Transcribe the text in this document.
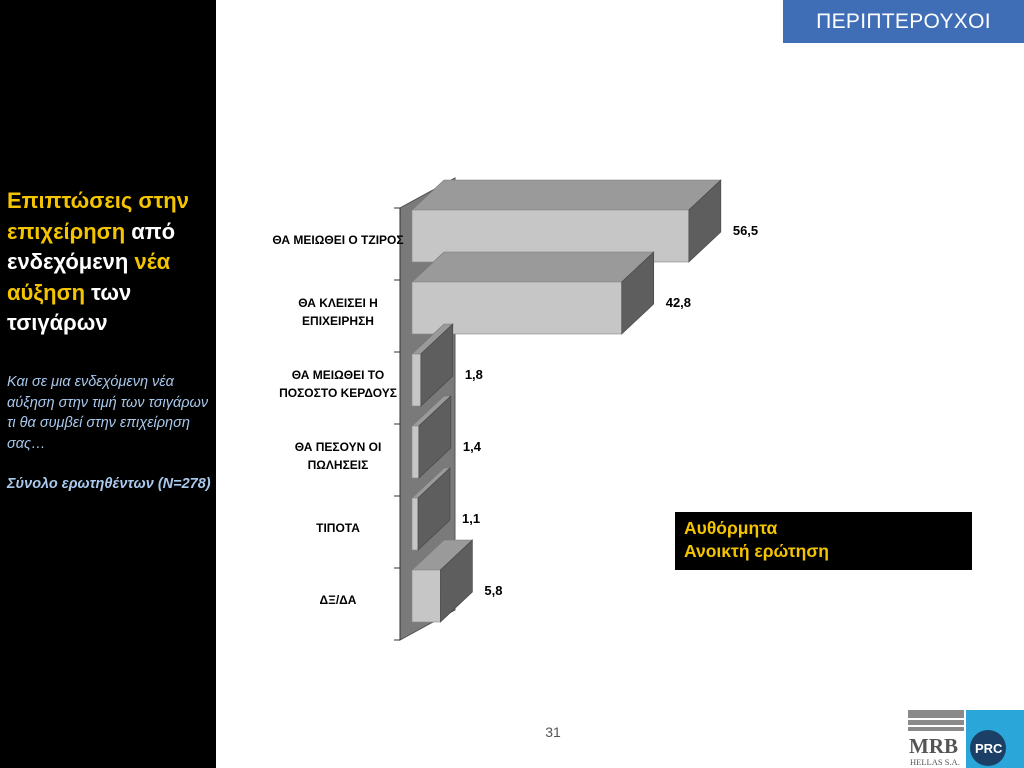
Επιπτώσεις στην επιχείρηση από ενδεχόμενη νέα αύξηση των τσιγάρων
Και σε μια ενδεχόμενη νέα αύξηση στην τιμή των τσιγάρων τι θα συμβεί στην επιχείρηση σας…
Σύνολο ερωτηθέντων (Ν=278)
ΠΕΡΙΠΤΕΡΟΥΧΟΙ
56,5
ΘΑ ΜΕΙΩΘΕΙ Ο ΤΖΙΡΟΣ
42,8
ΘΑ ΚΛΕΙΣΕΙ Η
ΕΠΙΧΕΙΡΗΣΗ
1,8
ΘΑ ΜΕΙΩΘΕΙ ΤΟ
ΠΟΣΟΣΤΟ ΚΕΡΔΟΥΣ
1,4
ΘΑ ΠΕΣΟΥΝ ΟΙ
ΠΩΛΗΣΕΙΣ
1,1
ΤΙΠΟΤΑ
5,8
ΔΞ/ΔΑ
Αυθόρμητα
Ανοικτή ερώτηση
31
MRB
HELLAS S.A.
PRC
